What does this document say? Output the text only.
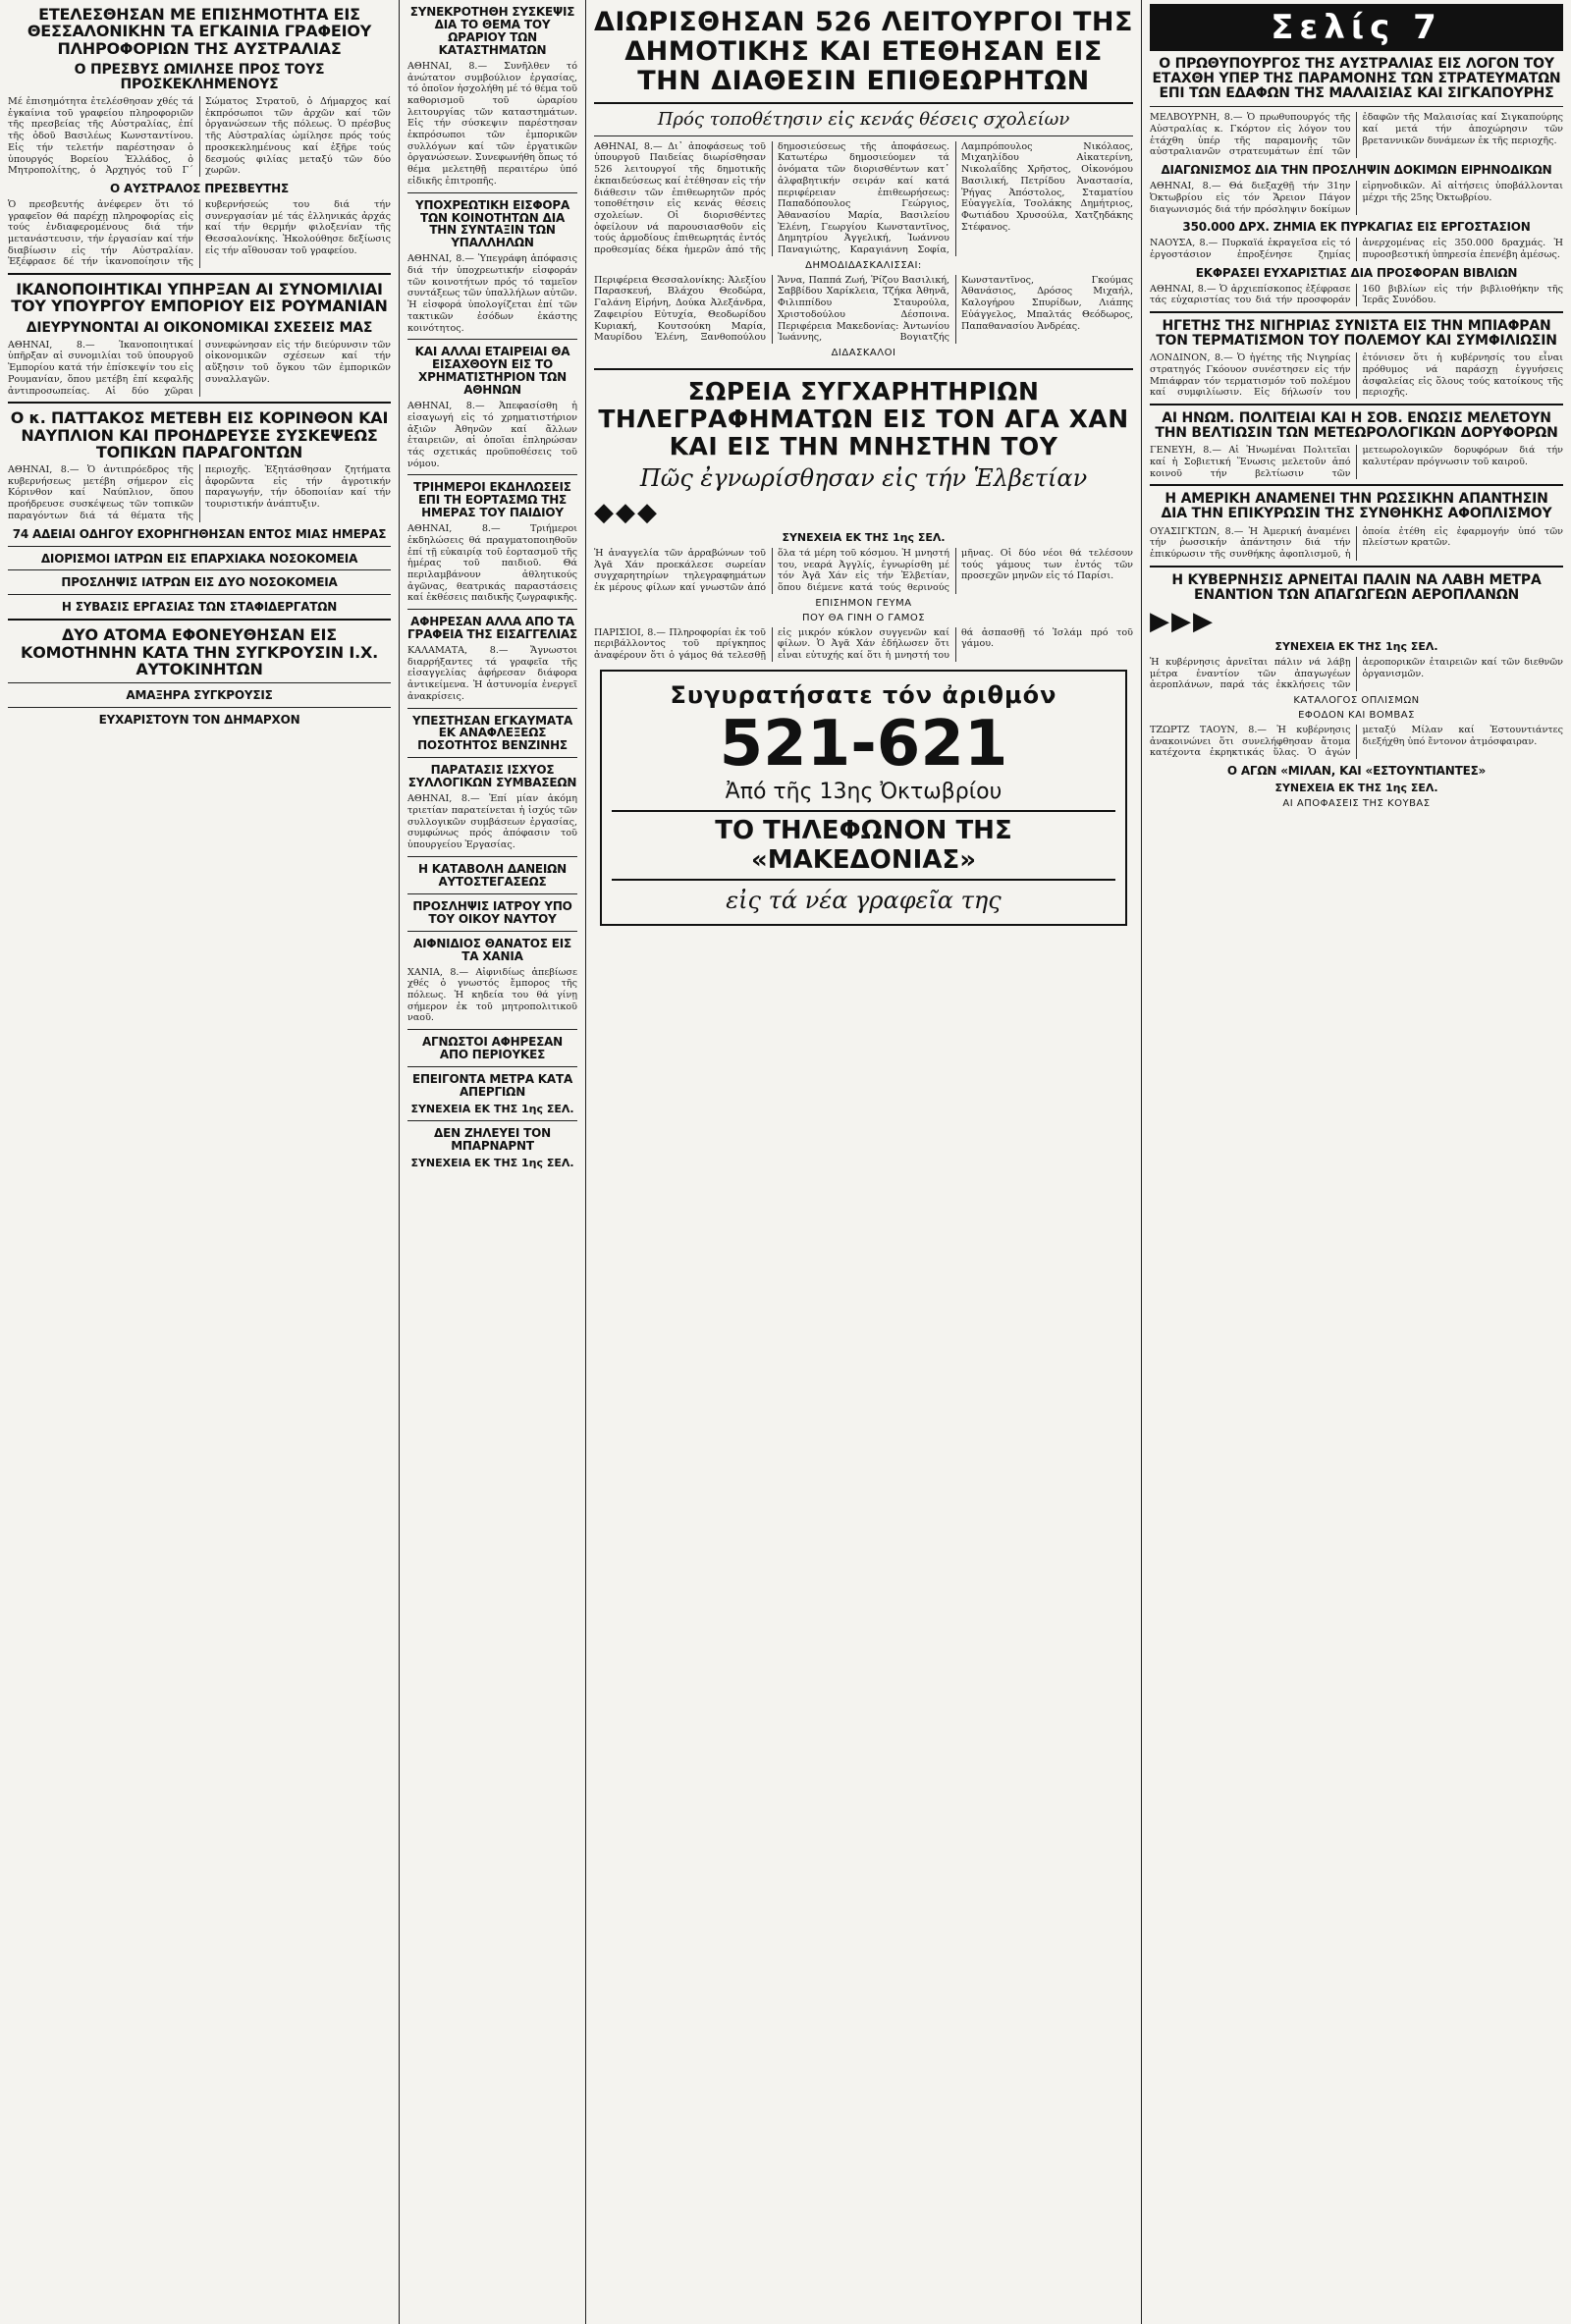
ΕΤΕΛΕΣΘΗΣΑΝ ΜΕ ΕΠΙΣΗΜΟΤΗΤΑ ΕΙΣ ΘΕΣΣΑΛΟΝΙΚΗΝ ΤΑ ΕΓΚΑΙΝΙΑ ΓΡΑΦΕΙΟΥ ΠΛΗΡΟΦΟΡΙΩΝ ΤΗΣ ΑΥΣΤΡΑΛΙΑΣ
Ο ΠΡΕΣΒΥΣ ΩΜΙΛΗΣΕ ΠΡΟΣ ΤΟΥΣ ΠΡΟΣΚΕΚΛΗΜΕΝΟΥΣ

Μέ ἐπισημότητα ἐτελέσθησαν χθές τά ἐγκαίνια τοῦ γραφείου πληροφοριῶν τῆς πρεσβείας τῆς Αὐστραλίας, ἐπί τῆς ὁδοῦ Βασιλέως Κωνσταντίνου. Εἰς τήν τελετήν παρέστησαν ὁ ὑπουργός Βορείου Ἑλλάδος, ὁ Μητροπολίτης, ὁ Ἀρχηγός τοῦ Γ΄ Σώματος Στρατοῦ, ὁ Δήμαρχος καί ἐκπρόσωποι τῶν ἀρχῶν καί τῶν ὀργανώσεων τῆς πόλεως. Ὁ πρέσβυς τῆς Αὐστραλίας ὡμίλησε πρός τούς προσκεκλημένους καί ἐξῆρε τούς δεσμούς φιλίας μεταξύ τῶν δύο χωρῶν.

Ο ΑΥΣΤΡΑΛΟΣ ΠΡΕΣΒΕΥΤΗΣ

Ὁ πρεσβευτής ἀνέφερεν ὅτι τό γραφεῖον θά παρέχῃ πληροφορίας εἰς τούς ἐνδιαφερομένους διά τήν μετανάστευσιν, τήν ἐργασίαν καί τήν διαβίωσιν εἰς τήν Αὐστραλίαν. Ἐξέφρασε δέ τήν ἱκανοποίησιν τῆς κυβερνήσεώς του διά τήν συνεργασίαν μέ τάς ἑλληνικάς ἀρχάς καί τήν θερμήν φιλοξενίαν τῆς Θεσσαλονίκης. Ἠκολούθησε δεξίωσις εἰς τήν αἴθουσαν τοῦ γραφείου.

ΙΚΑΝΟΠΟΙΗΤΙΚΑΙ ΥΠΗΡΞΑΝ ΑΙ ΣΥΝΟΜΙΛΙΑΙ ΤΟΥ ΥΠΟΥΡΓΟΥ ΕΜΠΟΡΙΟΥ ΕΙΣ ΡΟΥΜΑΝΙΑΝ
ΔΙΕΥΡΥΝΟΝΤΑΙ ΑΙ ΟΙΚΟΝΟΜΙΚΑΙ ΣΧΕΣΕΙΣ ΜΑΣ

ΑΘΗΝΑΙ, 8.— Ἱκανοποιητικαί ὑπῆρξαν αἱ συνομιλίαι τοῦ ὑπουργοῦ Ἐμπορίου κατά τήν ἐπίσκεψίν του εἰς Ρουμανίαν, ὅπου μετέβη ἐπί κεφαλῆς ἀντιπροσωπείας. Αἱ δύο χῶραι συνεφώνησαν εἰς τήν διεύρυνσιν τῶν οἰκονομικῶν σχέσεων καί τήν αὔξησιν τοῦ ὄγκου τῶν ἐμπορικῶν συναλλαγῶν.

Ο κ. ΠΑΤΤΑΚΟΣ ΜΕΤΕΒΗ ΕΙΣ ΚΟΡΙΝΘΟΝ ΚΑΙ ΝΑΥΠΛΙΟΝ ΚΑΙ ΠΡΟΗΔΡΕΥΣΕ ΣΥΣΚΕΨΕΩΣ ΤΟΠΙΚΩΝ ΠΑΡΑΓΟΝΤΩΝ

ΑΘΗΝΑΙ, 8.— Ὁ ἀντιπρόεδρος τῆς κυβερνήσεως μετέβη σήμερον εἰς Κόρινθον καί Ναύπλιον, ὅπου προήδρευσε συσκέψεως τῶν τοπικῶν παραγόντων διά τά θέματα τῆς περιοχῆς. Ἐξητάσθησαν ζητήματα ἀφορῶντα εἰς τήν ἀγροτικήν παραγωγήν, τήν ὁδοποιίαν καί τήν τουριστικήν ἀνάπτυξιν.

74 ΑΔΕΙΑΙ ΟΔΗΓΟΥ ΕΧΟΡΗΓΗΘΗΣΑΝ ΕΝΤΟΣ ΜΙΑΣ ΗΜΕΡΑΣ
ΔΙΟΡΙΣΜΟΙ ΙΑΤΡΩΝ ΕΙΣ ΕΠΑΡΧΙΑΚΑ ΝΟΣΟΚΟΜΕΙΑ
ΠΡΟΣΛΗΨΙΣ ΙΑΤΡΩΝ ΕΙΣ ΔΥΟ ΝΟΣΟΚΟΜΕΙΑ
Η ΣΥΒΑΣΙΣ ΕΡΓΑΣΙΑΣ ΤΩΝ ΣΤΑΦΙΔΕΡΓΑΤΩΝ
ΔΥΟ ΑΤΟΜΑ ΕΦΟΝΕΥΘΗΣΑΝ ΕΙΣ ΚΟΜΟΤΗΝΗΝ ΚΑΤΑ ΤΗΝ ΣΥΓΚΡΟΥΣΙΝ Ι.Χ. ΑΥΤΟΚΙΝΗΤΩΝ
ΑΜΑΞΗΡΑ ΣΥΓΚΡΟΥΣΙΣ
ΕΥΧΑΡΙΣΤΟΥΝ ΤΟΝ ΔΗΜΑΡΧΟΝ
ΣΥΝΕΚΡΟΤΗΘΗ ΣΥΣΚΕΨΙΣ ΔΙΑ ΤΟ ΘΕΜΑ ΤΟΥ ΩΡΑΡΙΟΥ ΤΩΝ ΚΑΤΑΣΤΗΜΑΤΩΝ

ΑΘΗΝΑΙ, 8.— Συνῆλθεν τό ἀνώτατον συμβούλιον ἐργασίας, τό ὁποῖον ἠσχολήθη μέ τό θέμα τοῦ καθορισμοῦ τοῦ ὡραρίου λειτουργίας τῶν καταστημάτων. Εἰς τήν σύσκεψιν παρέστησαν ἐκπρόσωποι τῶν ἐμπορικῶν συλλόγων καί τῶν ἐργατικῶν ὀργανώσεων. Συνεφωνήθη ὅπως τό θέμα μελετηθῇ περαιτέρω ὑπό εἰδικῆς ἐπιτροπῆς.

ΥΠΟΧΡΕΩΤΙΚΗ ΕΙΣΦΟΡΑ ΤΩΝ ΚΟΙΝΟΤΗΤΩΝ ΔΙΑ ΤΗΝ ΣΥΝΤΑΞΙΝ ΤΩΝ ΥΠΑΛΛΗΛΩΝ

ΑΘΗΝΑΙ, 8.— Ὑπεγράφη ἀπόφασις διά τήν ὑποχρεωτικήν εἰσφοράν τῶν κοινοτήτων πρός τό ταμεῖον συντάξεως τῶν ὑπαλλήλων αὐτῶν. Ἡ εἰσφορά ὑπολογίζεται ἐπί τῶν τακτικῶν ἐσόδων ἑκάστης κοινότητος.

ΚΑΙ ΑΛΛΑΙ ΕΤΑΙΡΕΙΑΙ ΘΑ ΕΙΣΑΧΘΟΥΝ ΕΙΣ ΤΟ ΧΡΗΜΑΤΙΣΤΗΡΙΟΝ ΤΩΝ ΑΘΗΝΩΝ

ΑΘΗΝΑΙ, 8.— Ἀπεφασίσθη ἡ εἰσαγωγή εἰς τό χρηματιστήριον ἀξιῶν Ἀθηνῶν καί ἄλλων ἑταιρειῶν, αἱ ὁποῖαι ἐπληρώσαν τάς σχετικάς προϋποθέσεις τοῦ νόμου.

ΤΡΙΗΜΕΡΟΙ ΕΚΔΗΛΩΣΕΙΣ ΕΠΙ ΤΗ ΕΟΡΤΑΣΜΩ ΤΗΣ ΗΜΕΡΑΣ ΤΟΥ ΠΑΙΔΙΟΥ

ΑΘΗΝΑΙ, 8.— Τριήμεροι ἐκδηλώσεις θά πραγματοποιηθοῦν ἐπί τῇ εὐκαιρίᾳ τοῦ ἑορτασμοῦ τῆς ἡμέρας τοῦ παιδιοῦ. Θά περιλαμβάνουν ἀθλητικούς ἀγῶνας, θεατρικάς παραστάσεις καί ἐκθέσεις παιδικῆς ζωγραφικῆς.

ΑΦΗΡΕΣΑΝ ΑΛΛΑ ΑΠΟ ΤΑ ΓΡΑΦΕΙΑ ΤΗΣ ΕΙΣΑΓΓΕΛΙΑΣ

ΚΑΛΑΜΑΤΑ, 8.— Ἄγνωστοι διαρρήξαντες τά γραφεῖα τῆς εἰσαγγελίας ἀφήρεσαν διάφορα ἀντικείμενα. Ἡ ἀστυνομία ἐνεργεῖ ἀνακρίσεις.

ΥΠΕΣΤΗΣΑΝ ΕΓΚΑΥΜΑΤΑ ΕΚ ΑΝΑΦΛΕΞΕΩΣ ΠΟΣΟΤΗΤΟΣ ΒΕΝΖΙΝΗΣ
ΠΑΡΑΤΑΣΙΣ ΙΣΧΥΟΣ ΣΥΛΛΟΓΙΚΩΝ ΣΥΜΒΑΣΕΩΝ

ΑΘΗΝΑΙ, 8.— Ἐπί μίαν ἀκόμη τριετίαν παρατείνεται ἡ ἰσχύς τῶν συλλογικῶν συμβάσεων ἐργασίας, συμφώνως πρός ἀπόφασιν τοῦ ὑπουργείου Ἐργασίας.

Η ΚΑΤΑΒΟΛΗ ΔΑΝΕΙΩΝ ΑΥΤΟΣΤΕΓΑΣΕΩΣ
ΠΡΟΣΛΗΨΙΣ ΙΑΤΡΟΥ ΥΠΟ ΤΟΥ ΟΙΚΟΥ ΝΑΥΤΟΥ
ΑΙΦΝΙΔΙΟΣ ΘΑΝΑΤΟΣ ΕΙΣ ΤΑ ΧΑΝΙΑ

ΧΑΝΙΑ, 8.— Αἰφνιδίως ἀπεβίωσε χθές ὁ γνωστός ἔμπορος τῆς πόλεως. Ἡ κηδεία του θά γίνῃ σήμερον ἐκ τοῦ μητροπολιτικοῦ ναοῦ.

ΑΓΝΩΣΤΟΙ ΑΦΗΡΕΣΑΝ ΑΠΟ ΠΕΡΙΟΥΚΕΣ
ΕΠΕΙΓΟΝΤΑ ΜΕΤΡΑ ΚΑΤΑ ΑΠΕΡΓΙΩΝ
ΣΥΝΕΧΕΙΑ ΕΚ ΤΗΣ 1ης ΣΕΛ.
ΔΕΝ ΖΗΛΕΥΕΙ ΤΟΝ ΜΠΑΡΝΑΡΝΤ
ΣΥΝΕΧΕΙΑ ΕΚ ΤΗΣ 1ης ΣΕΛ.
ΔΙΩΡΙΣΘΗΣΑΝ 526 ΛΕΙΤΟΥΡΓΟΙ ΤΗΣ ΔΗΜΟΤΙΚΗΣ ΚΑΙ ΕΤΕΘΗΣΑΝ ΕΙΣ ΤΗΝ ΔΙΑΘΕΣΙΝ ΕΠΙΘΕΩΡΗΤΩΝ
Πρός τοποθέτησιν εἰς κενάς θέσεις σχολείων

ΑΘΗΝΑΙ, 8.— Δι᾿ ἀποφάσεως τοῦ ὑπουργοῦ Παιδείας διωρίσθησαν 526 λειτουργοί τῆς δημοτικῆς ἐκπαιδεύσεως καί ἐτέθησαν εἰς τήν διάθεσιν τῶν ἐπιθεωρητῶν πρός τοποθέτησιν εἰς κενάς θέσεις σχολείων. Οἱ διορισθέντες ὀφείλουν νά παρουσιασθοῦν εἰς τούς ἁρμοδίους ἐπιθεωρητάς ἐντός προθεσμίας δέκα ἡμερῶν ἀπό τῆς δημοσιεύσεως τῆς ἀποφάσεως. Κατωτέρω δημοσιεύομεν τά ὀνόματα τῶν διορισθέντων κατ᾿ ἀλφαβητικήν σειράν καί κατά περιφέρειαν ἐπιθεωρήσεως: Παπαδόπουλος Γεώργιος, Ἀθανασίου Μαρία, Βασιλείου Ἐλένη, Γεωργίου Κωνσταντῖνος, Δημητρίου Ἀγγελική, Ἰωάννου Παναγιώτης, Καραγιάννη Σοφία, Λαμπρόπουλος Νικόλαος, Μιχαηλίδου Αἰκατερίνη, Νικολαΐδης Χρῆστος, Οἰκονόμου Βασιλική, Πετρίδου Ἀναστασία, Ῥήγας Ἀπόστολος, Σταματίου Εὐαγγελία, Τσολάκης Δημήτριος, Φωτιάδου Χρυσούλα, Χατζηδάκης Στέφανος.

ΔΗΜΟΔΙΔΑΣΚΑΛΙΣΣΑΙ:

Περιφέρεια Θεσσαλονίκης: Ἀλεξίου Παρασκευή, Βλάχου Θεοδώρα, Γαλάνη Εἰρήνη, Δούκα Ἀλεξάνδρα, Ζαφειρίου Εὐτυχία, Θεοδωρίδου Κυριακή, Κουτσούκη Μαρία, Μαυρίδου Ἑλένη, Ξανθοπούλου Ἄννα, Παππά Ζωή, Ῥίζου Βασιλική, Σαββίδου Χαρίκλεια, Τζήκα Ἀθηνᾶ, Φιλιππίδου Σταυρούλα, Χριστοδούλου Δέσποινα. Περιφέρεια Μακεδονίας: Ἀντωνίου Ἰωάννης, Βογιατζής Κωνσταντῖνος, Γκούμας Ἀθανάσιος, Δρόσος Μιχαήλ, Καλογήρου Σπυρίδων, Λιάπης Εὐάγγελος, Μπαλτάς Θεόδωρος, Παπαθανασίου Ἀνδρέας.

ΔΙΔΑΣΚΑΛΟΙ
ΣΩΡΕΙΑ ΣΥΓΧΑΡΗΤΗΡΙΩΝ ΤΗΛΕΓΡΑΦΗΜΑΤΩΝ ΕΙΣ ΤΟΝ ΑΓΑ ΧΑΝ ΚΑΙ ΕΙΣ ΤΗΝ ΜΝΗΣΤΗΝ ΤΟΥ
Πῶς ἐγνωρίσθησαν εἰς τήν Ἑλβετίαν
◆◆◆
ΣΥΝΕΧΕΙΑ ΕΚ ΤΗΣ 1ης ΣΕΛ.

Ἡ ἀναγγελία τῶν ἀρραβώνων τοῦ Ἀγᾶ Χάν προεκάλεσε σωρείαν συγχαρητηρίων τηλεγραφημάτων ἐκ μέρους φίλων καί γνωστῶν ἀπό ὅλα τά μέρη τοῦ κόσμου. Ἡ μνηστή του, νεαρά Ἀγγλίς, ἐγνωρίσθη μέ τόν Ἀγᾶ Χάν εἰς τήν Ἑλβετίαν, ὅπου διέμενε κατά τούς θερινούς μῆνας. Οἱ δύο νέοι θά τελέσουν τούς γάμους των ἐντός τῶν προσεχῶν μηνῶν εἰς τό Παρίσι.

ΕΠΙΣΗΜΟΝ ΓΕΥΜΑ
ΠΟΥ ΘΑ ΓΙΝΗ Ο ΓΑΜΟΣ

ΠΑΡΙΣΙΟΙ, 8.— Πληροφορίαι ἐκ τοῦ περιβάλλοντος τοῦ πρίγκηπος ἀναφέρουν ὅτι ὁ γάμος θά τελεσθῇ εἰς μικρόν κύκλον συγγενῶν καί φίλων. Ὁ Ἀγᾶ Χάν ἐδήλωσεν ὅτι εἶναι εὐτυχής καί ὅτι ἡ μνηστή του θά ἀσπασθῇ τό Ἰσλάμ πρό τοῦ γάμου.

Συγυρατήσατε τόν ἀριθμόν
521-621
Ἀπό τῆς 13ης Ὀκτωβρίου
ΤΟ ΤΗΛΕΦΩΝΟΝ ΤΗΣ «ΜΑΚΕΔΟΝΙΑΣ»
εἰς τά νέα γραφεῖα της
Σελίς 7
Ο ΠΡΩΘΥΠΟΥΡΓΟΣ ΤΗΣ ΑΥΣΤΡΑΛΙΑΣ ΕΙΣ ΛΟΓΟΝ ΤΟΥ ΕΤΑΧΘΗ ΥΠΕΡ ΤΗΣ ΠΑΡΑΜΟΝΗΣ ΤΩΝ ΣΤΡΑΤΕΥΜΑΤΩΝ ΕΠΙ ΤΩΝ ΕΔΑΦΩΝ ΤΗΣ ΜΑΛΑΙΣΙΑΣ ΚΑΙ ΣΙΓΚΑΠΟΥΡΗΣ

ΜΕΛΒΟΥΡΝΗ, 8.— Ὁ πρωθυπουργός τῆς Αὐστραλίας κ. Γκόρτον εἰς λόγον του ἐτάχθη ὑπέρ τῆς παραμονῆς τῶν αὐστραλιανῶν στρατευμάτων ἐπί τῶν ἐδαφῶν τῆς Μαλαισίας καί Σιγκαπούρης καί μετά τήν ἀποχώρησιν τῶν βρεταννικῶν δυνάμεων ἐκ τῆς περιοχῆς.

ΔΙΑΓΩΝΙΣΜΟΣ ΔΙΑ ΤΗΝ ΠΡΟΣΛΗΨΙΝ ΔΟΚΙΜΩΝ ΕΙΡΗΝΟΔΙΚΩΝ

ΑΘΗΝΑΙ, 8.— Θά διεξαχθῇ τήν 31ην Ὀκτωβρίου εἰς τόν Ἄρειον Πάγον διαγωνισμός διά τήν πρόσληψιν δοκίμων εἰρηνοδικῶν. Αἱ αἰτήσεις ὑποβάλλονται μέχρι τῆς 25ης Ὀκτωβρίου.

350.000 ΔΡΧ. ΖΗΜΙΑ ΕΚ ΠΥΡΚΑΓΙΑΣ ΕΙΣ ΕΡΓΟΣΤΑΣΙΟΝ

ΝΑΟΥΣΑ, 8.— Πυρκαϊά ἐκραγεῖσα εἰς τό ἐργοστάσιον ἐπροξένησε ζημίας ἀνερχομένας εἰς 350.000 δραχμάς. Ἡ πυροσβεστική ὑπηρεσία ἐπενέβη ἀμέσως.

ΕΚΦΡΑΣΕΙ ΕΥΧΑΡΙΣΤΙΑΣ ΔΙΑ ΠΡΟΣΦΟΡΑΝ ΒΙΒΛΙΩΝ

ΑΘΗΝΑΙ, 8.— Ὁ ἀρχιεπίσκοπος ἐξέφρασε τάς εὐχαριστίας του διά τήν προσφοράν 160 βιβλίων εἰς τήν βιβλιοθήκην τῆς Ἱερᾶς Συνόδου.

ΗΓΕΤΗΣ ΤΗΣ ΝΙΓΗΡΙΑΣ ΣΥΝΙΣΤΑ ΕΙΣ ΤΗΝ ΜΠΙΑΦΡΑΝ ΤΟΝ ΤΕΡΜΑΤΙΣΜΟΝ ΤΟΥ ΠΟΛΕΜΟΥ ΚΑΙ ΣΥΜΦΙΛΙΩΣΙΝ

ΛΟΝΔΙΝΟΝ, 8.— Ὁ ἡγέτης τῆς Νιγηρίας στρατηγός Γκόουον συνέστησεν εἰς τήν Μπιάφραν τόν τερματισμόν τοῦ πολέμου καί συμφιλίωσιν. Εἰς δήλωσίν του ἐτόνισεν ὅτι ἡ κυβέρνησίς του εἶναι πρόθυμος νά παράσχῃ ἐγγυήσεις ἀσφαλείας εἰς ὅλους τούς κατοίκους τῆς περιοχῆς.

ΑΙ ΗΝΩΜ. ΠΟΛΙΤΕΙΑΙ ΚΑΙ Η ΣΟΒ. ΕΝΩΣΙΣ ΜΕΛΕΤΟΥΝ ΤΗΝ ΒΕΛΤΙΩΣΙΝ ΤΩΝ ΜΕΤΕΩΡΟΛΟΓΙΚΩΝ ΔΟΡΥΦΟΡΩΝ

ΓΕΝΕΥΗ, 8.— Αἱ Ἡνωμέναι Πολιτεῖαι καί ἡ Σοβιετική Ἕνωσις μελετοῦν ἀπό κοινοῦ τήν βελτίωσιν τῶν μετεωρολογικῶν δορυφόρων διά τήν καλυτέραν πρόγνωσιν τοῦ καιροῦ.

Η ΑΜΕΡΙΚΗ ΑΝΑΜΕΝΕΙ ΤΗΝ ΡΩΣΣΙΚΗΝ ΑΠΑΝΤΗΣΙΝ ΔΙΑ ΤΗΝ ΕΠΙΚΥΡΩΣΙΝ ΤΗΣ ΣΥΝΘΗΚΗΣ ΑΦΟΠΛΙΣΜΟΥ

ΟΥΑΣΙΓΚΤΩΝ, 8.— Ἡ Ἀμερική ἀναμένει τήν ῥωσσικήν ἀπάντησιν διά τήν ἐπικύρωσιν τῆς συνθήκης ἀφοπλισμοῦ, ἡ ὁποία ἐτέθη εἰς ἐφαρμογήν ὑπό τῶν πλείστων κρατῶν.

Η ΚΥΒΕΡΝΗΣΙΣ ΑΡΝΕΙΤΑΙ ΠΑΛΙΝ ΝΑ ΛΑΒΗ ΜΕΤΡΑ ΕΝΑΝΤΙΟΝ ΤΩΝ ΑΠΑΓΩΓΕΩΝ ΑΕΡΟΠΛΑΝΩΝ
▶▶▶
ΣΥΝΕΧΕΙΑ ΕΚ ΤΗΣ 1ης ΣΕΛ.

Ἡ κυβέρνησις ἀρνεῖται πάλιν νά λάβῃ μέτρα ἐναντίον τῶν ἀπαγωγέων ἀεροπλάνων, παρά τάς ἐκκλήσεις τῶν ἀεροπορικῶν ἑταιρειῶν καί τῶν διεθνῶν ὀργανισμῶν.

ΚΑΤΑΛΟΓΟΣ ΟΠΛΙΣΜΩΝ
ΕΦΟΔΟΝ ΚΑΙ ΒΟΜΒΑΣ

ΤΖΩΡΤΖ ΤΑΟΥΝ, 8.— Ἡ κυβέρνησις ἀνακοινώνει ὅτι συνελήφθησαν ἄτομα κατέχοντα ἐκρηκτικάς ὕλας. Ὁ ἀγών μεταξύ Μίλαν καί Ἐστουντιάντες διεξήχθη ὑπό ἔντονον ἀτμόσφαιραν.

Ο ΑΓΩΝ «ΜΙΛΑΝ, ΚΑΙ «ΕΣΤΟΥΝΤΙΑΝΤΕΣ»
ΣΥΝΕΧΕΙΑ ΕΚ ΤΗΣ 1ης ΣΕΛ.
ΑΙ ΑΠΟΦΑΣΕΙΣ ΤΗΣ ΚΟΥΒΑΣ
